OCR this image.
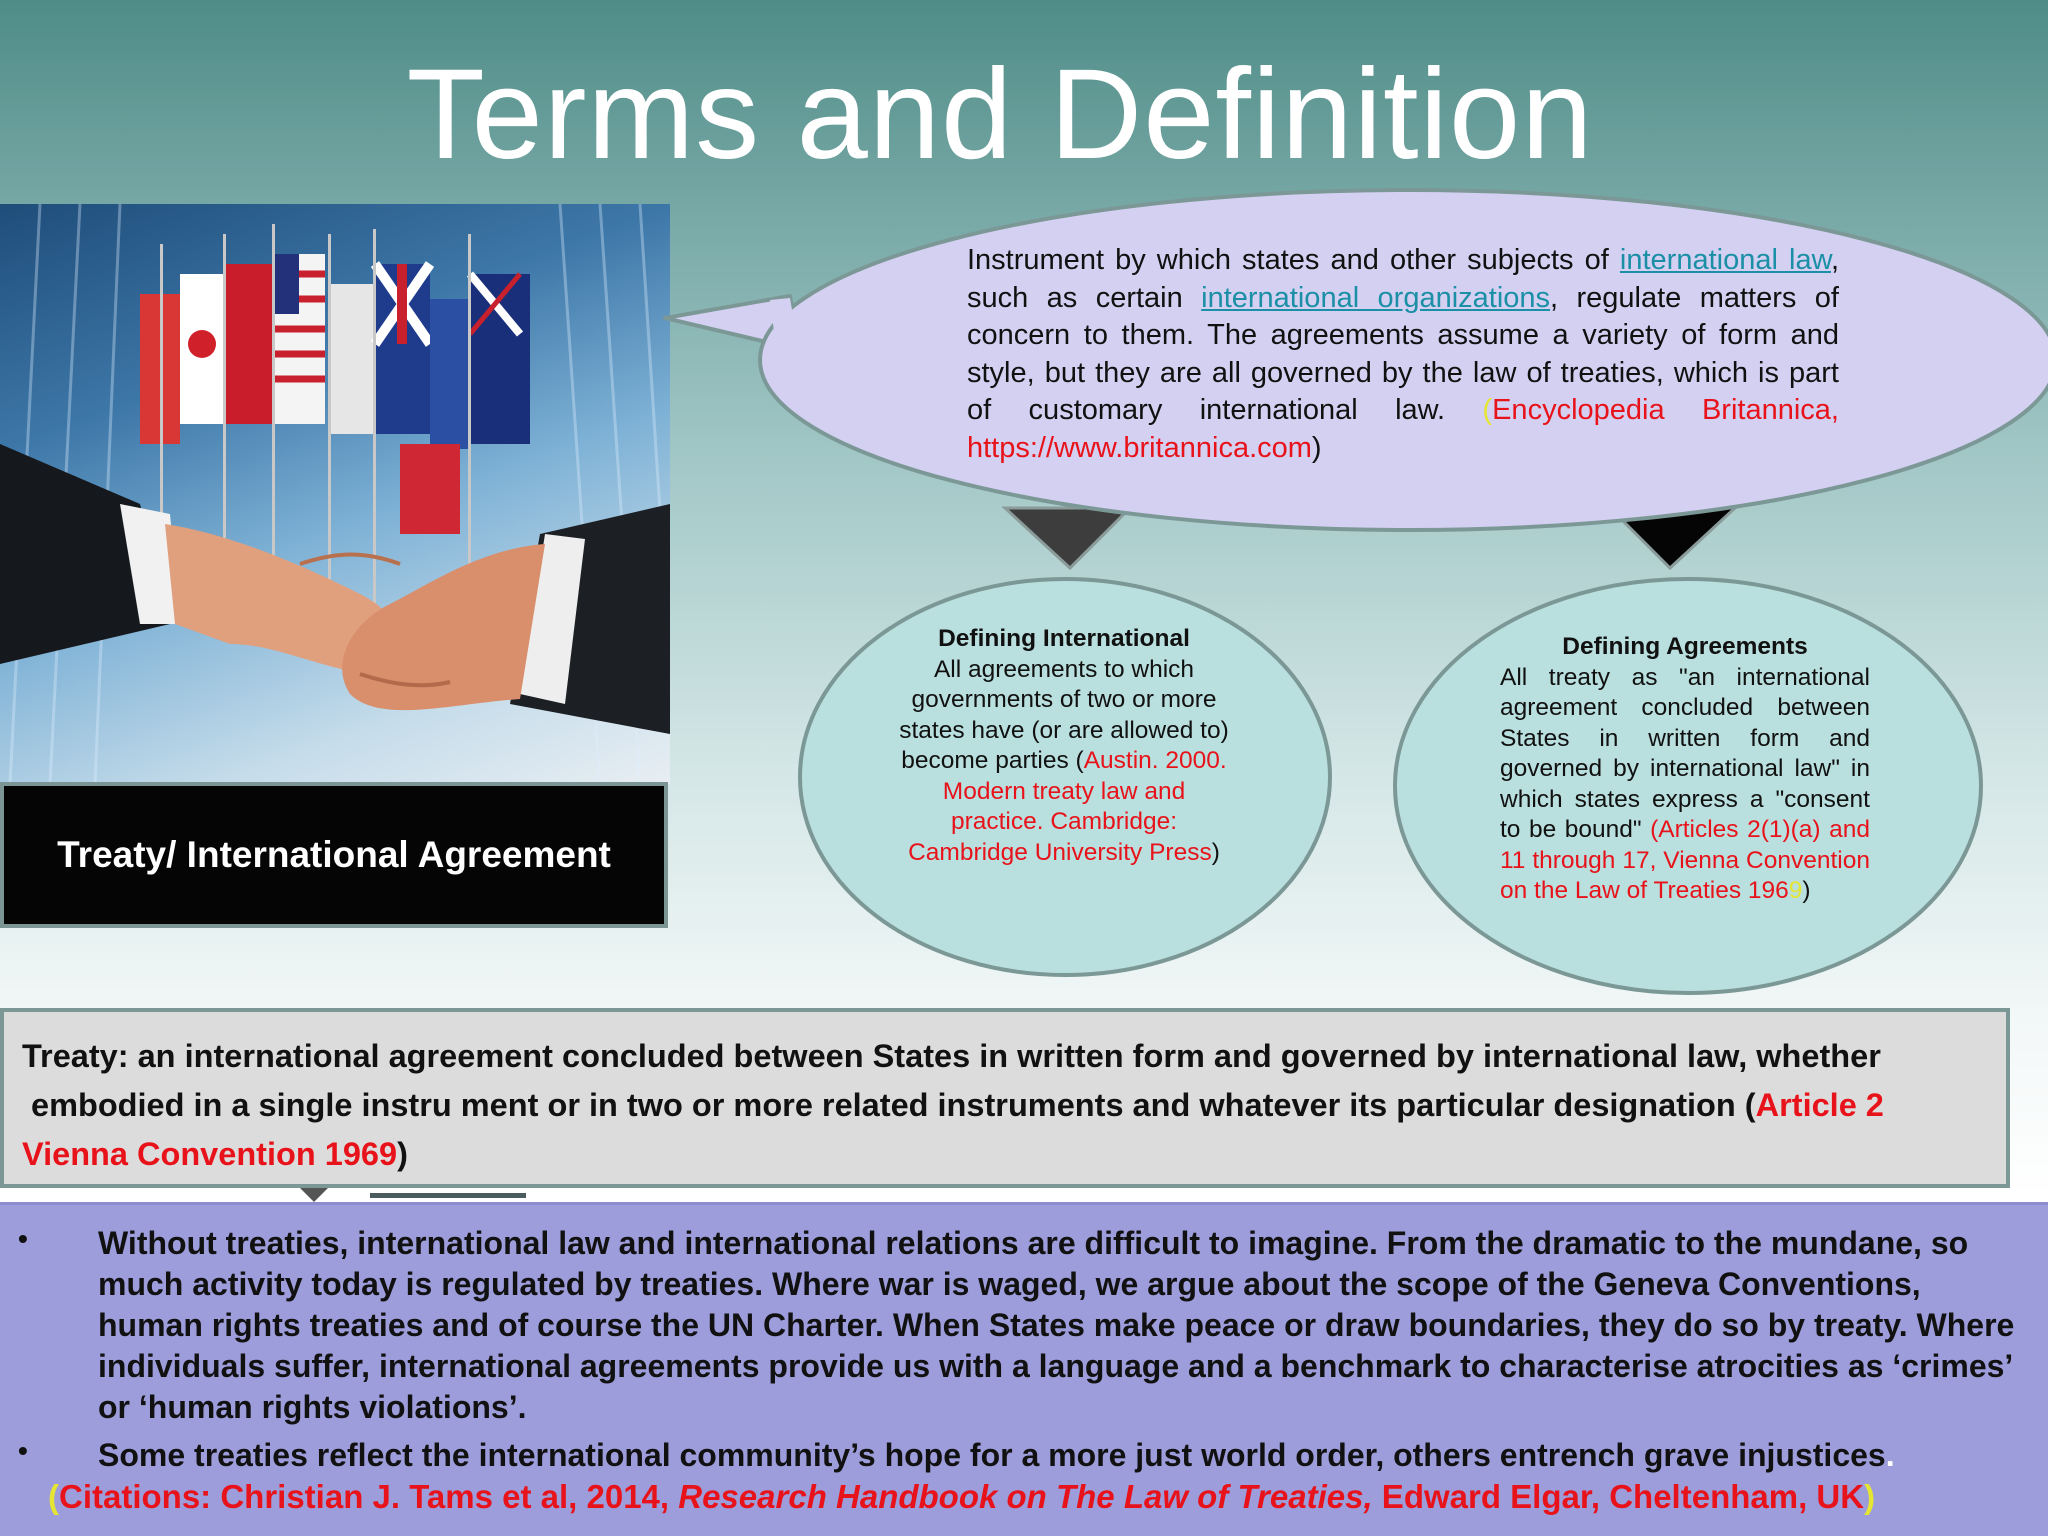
Terms and Definition
Treaty/ International Agreement
Instrument by which states and other subjects of international law, such as certain international organizations, regulate matters of concern to them. The agreements assume a variety of form and style, but they are all governed by the law of treaties, which is part of customary international law. (Encyclopedia Britannica, https://www.britannica.com)
Defining International
All agreements to which governments of two or more states have (or are allowed to) become parties (Austin. 2000. Modern treaty law and practice. Cambridge: Cambridge University Press)
Defining Agreements
All treaty as "an international agreement concluded between States in written form and governed by international law" in which states express a "consent to be bound" (Articles 2(1)(a) and 11 through 17, Vienna Convention on the Law of Treaties 1969)
Treaty: an international agreement concluded between States in written form and governed by international law, whether
embodied in a single instru ment or in two or more related instruments and whatever its particular designation (Article 2
Vienna Convention 1969)
• Without treaties, international law and international relations are difficult to imagine. From the dramatic to the mundane, so much activity today is regulated by treaties. Where war is waged, we argue about the scope of the Geneva Conventions, human rights treaties and of course the UN Charter. When States make peace or draw boundaries, they do so by treaty. Where individuals suffer, international agreements provide us with a language and a benchmark to characterise atrocities as ‘crimes’ or ‘human rights violations’.
• Some treaties reflect the international community’s hope for a more just world order, others entrench grave injustices.
(Citations: Christian J. Tams et al, 2014, Research Handbook on The Law of Treaties, Edward Elgar, Cheltenham, UK)
